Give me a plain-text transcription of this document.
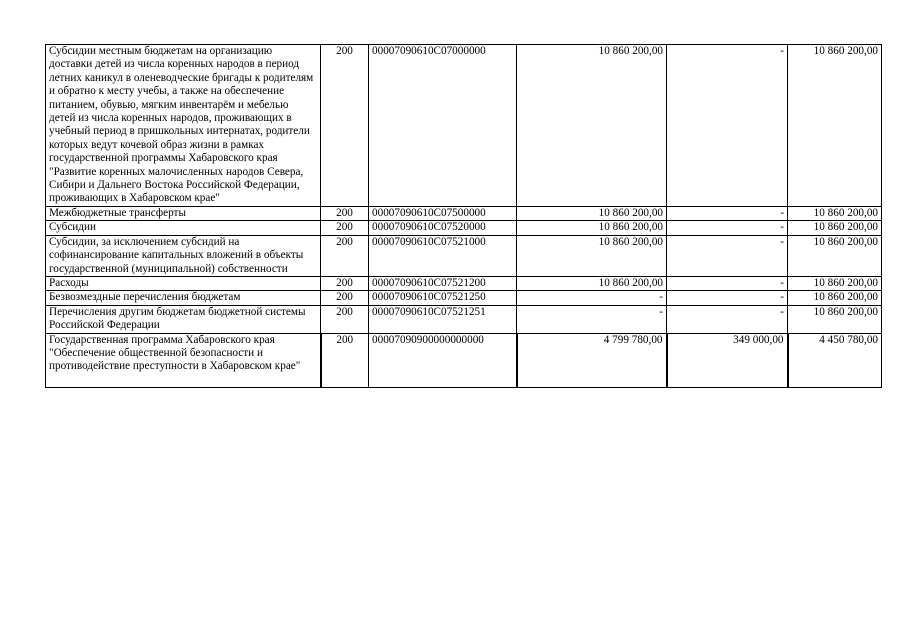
Субсидии местным бюджетам на организацию доставки детей из числа коренных народов в период летних каникул в оленеводческие бригады к родителям и обратно к месту учебы, а также на обеспечение питанием, обувью, мягким инвентарём и мебелью детей из числа коренных народов, проживающих в учебный период в пришкольных интернатах, родители которых ведут кочевой образ жизни в рамках государственной программы Хабаровского края "Развитие коренных малочисленных народов Севера, Сибири и Дальнего Востока Российской Федерации, проживающих в Хабаровском крае"	200	00007090610С07000000	10 860 200,00	-	10 860 200,00
Межбюджетные трансферты	200	00007090610С07500000	10 860 200,00	-	10 860 200,00
Субсидии	200	00007090610С07520000	10 860 200,00	-	10 860 200,00
Субсидии, за исключением субсидий на софинансирование капитальных вложений в объекты государственной (муниципальной) собственности	200	00007090610С07521000	10 860 200,00	-	10 860 200,00
Расходы	200	00007090610С07521200	10 860 200,00	-	10 860 200,00
Безвозмездные перечисления бюджетам	200	00007090610С07521250	-	-	10 860 200,00
Перечисления другим бюджетам бюджетной системы Российской Федерации	200	00007090610С07521251	-	-	10 860 200,00
Государственная программа Хабаровского края "Обеспечение общественной безопасности и противодействие преступности в Хабаровском крае"	200	00007090900000000000	4 799 780,00	349 000,00	4 450 780,00
